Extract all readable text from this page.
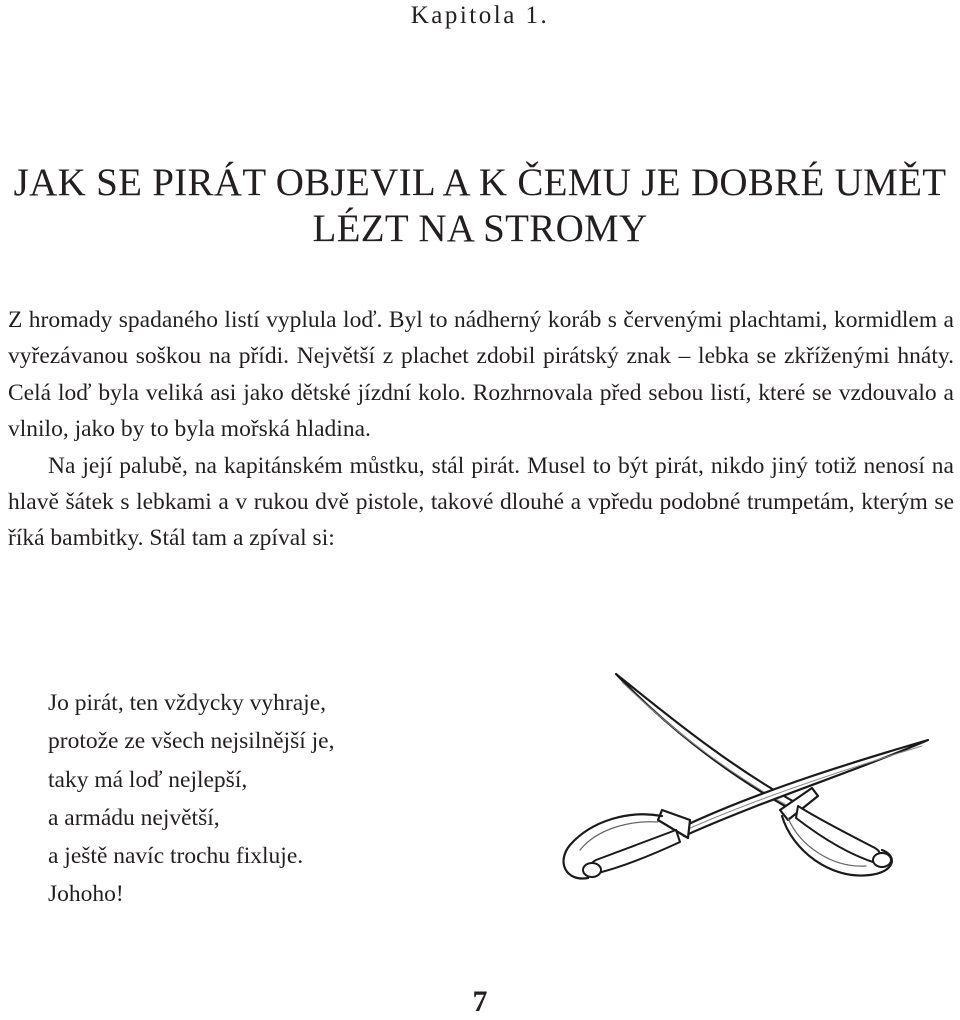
Kapitola 1.
JAK SE PIRÁT OBJEVIL A K ČEMU JE DOBRÉ UMĚT
LÉZT NA STROMY

Z hromady spadaného listí vyplula loď. Byl to nádherný koráb s červenými plachtami, kormidlem a vyřezávanou soškou na přídi. Největší z plachet zdobil pirátský znak – lebka se zkříženými hnáty. Celá loď byla veliká asi jako dětské jízdní kolo. Rozhrnovala před sebou listí, které se vzdouvalo a vlnilo, jako by to byla mořská hladina.

Na její palubě, na kapitánském můstku, stál pirát. Musel to být pirát, nikdo jiný totiž nenosí na hlavě šátek s lebkami a v rukou dvě pistole, takové dlouhé a vpředu podobné trumpetám, kterým se říká bambitky. Stál tam a zpíval si:

Jo pirát, ten vždycky vyhraje,
protože ze všech nejsilnější je,
taky má loď nejlepší,
a armádu největší,
a ještě navíc trochu fixluje.
Johoho!
7
